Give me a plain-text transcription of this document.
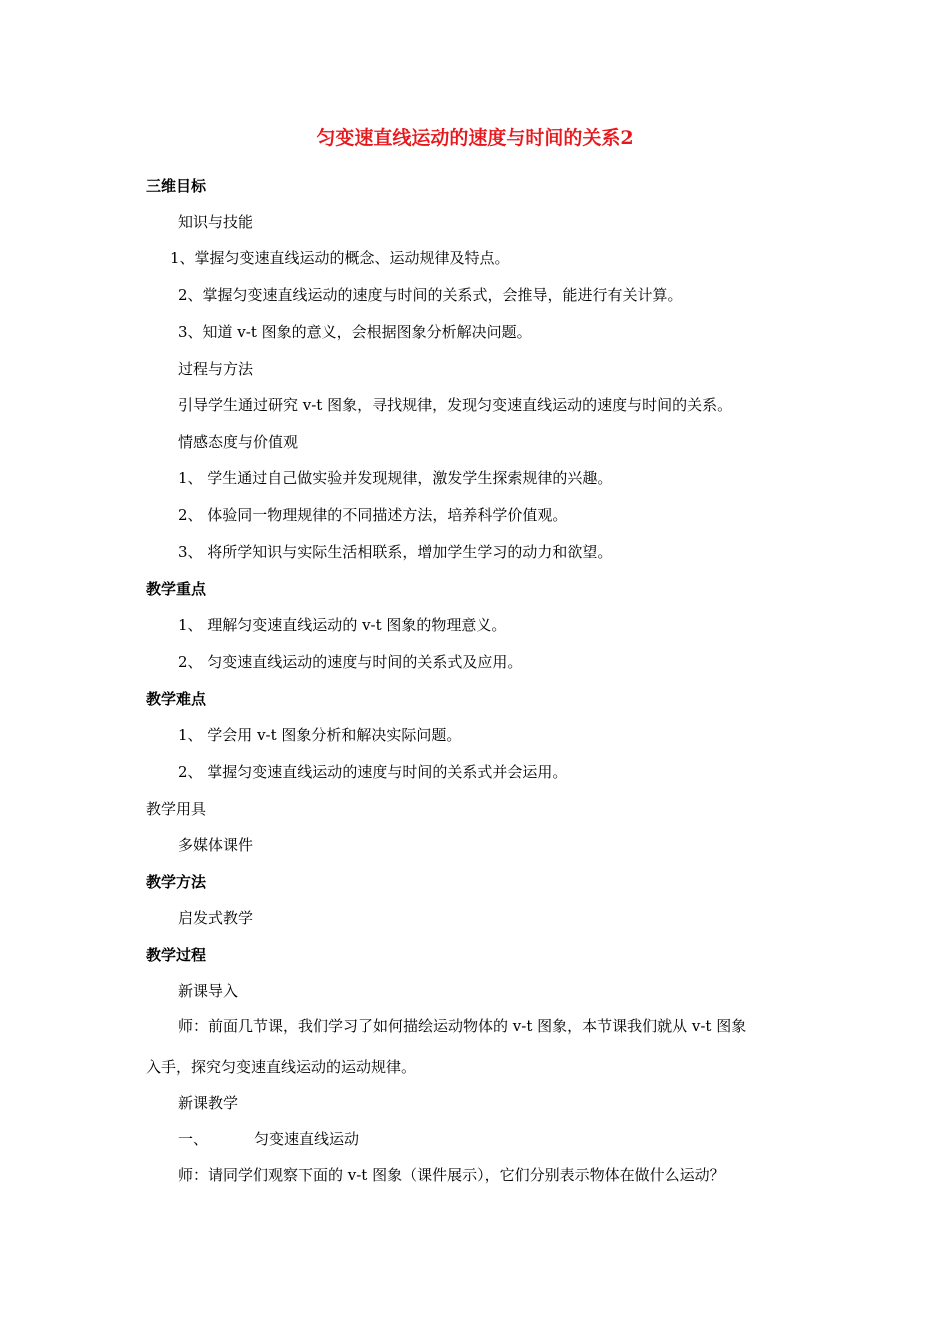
匀变速直线运动的速度与时间的关系2
三维目标
知识与技能
1、掌握匀变速直线运动的概念、运动规律及特点。
2、掌握匀变速直线运动的速度与时间的关系式，会推导，能进行有关计算。
3、知道 v-t 图象的意义，会根据图象分析解决问题。
过程与方法
引导学生通过研究 v-t 图象，寻找规律，发现匀变速直线运动的速度与时间的关系。
情感态度与价值观
1、 学生通过自己做实验并发现规律，激发学生探索规律的兴趣。
2、 体验同一物理规律的不同描述方法，培养科学价值观。
3、 将所学知识与实际生活相联系，增加学生学习的动力和欲望。
教学重点
1、 理解匀变速直线运动的 v-t 图象的物理意义。
2、 匀变速直线运动的速度与时间的关系式及应用。
教学难点
1、 学会用 v-t 图象分析和解决实际问题。
2、 掌握匀变速直线运动的速度与时间的关系式并会运用。
教学用具
多媒体课件
教学方法
启发式教学
教学过程
新课导入
师：前面几节课，我们学习了如何描绘运动物体的 v-t 图象，本节课我们就从 v-t 图象
入手，探究匀变速直线运动的运动规律。
新课教学
一、	匀变速直线运动
师：请同学们观察下面的 v-t 图象（课件展示），它们分别表示物体在做什么运动？
